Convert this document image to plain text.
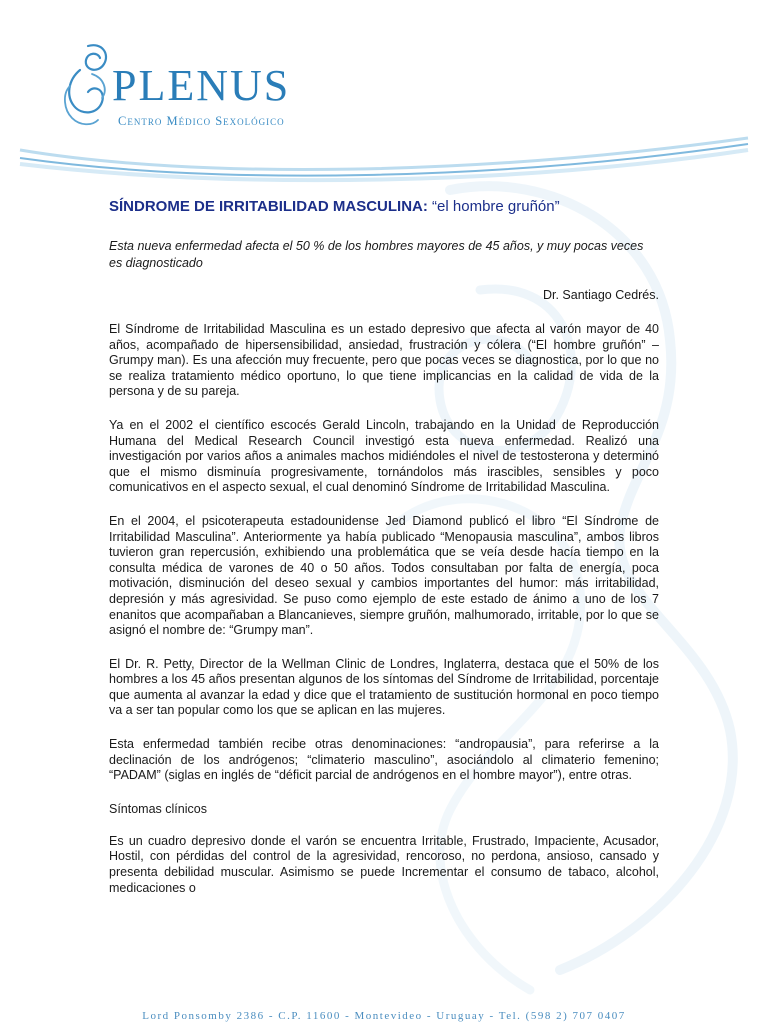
PLENUS
Centro Médico Sexológico
SÍNDROME DE IRRITABILIDAD MASCULINA: “el hombre gruñón”

Esta nueva enfermedad afecta el 50 % de los hombres mayores de 45 años, y muy pocas veces es diagnosticado

Dr. Santiago Cedrés.

El Síndrome de Irritabilidad Masculina es un estado depresivo que afecta al varón mayor de 40 años, acompañado de hipersensibilidad, ansiedad, frustración y cólera (“El hombre gruñón” –Grumpy man). Es una afección muy frecuente, pero que pocas veces se diagnostica, por lo que no se realiza tratamiento médico oportuno, lo que tiene implicancias en la calidad de vida de la persona y de su pareja.

Ya en el 2002 el científico escocés Gerald Lincoln, trabajando en la Unidad de Reproducción Humana del Medical Research Council investigó esta nueva enfermedad. Realizó una investigación por varios años a animales machos midiéndoles el nivel de testosterona y determinó que el mismo disminuía progresivamente, tornándolos más irascibles, sensibles y poco comunicativos en el aspecto sexual, el cual denominó Síndrome de Irritabilidad Masculina.

En el 2004, el psicoterapeuta estadounidense Jed Diamond publicó el libro “El Síndrome de Irritabilidad Masculina”. Anteriormente ya había publicado “Menopausia masculina”, ambos libros tuvieron gran repercusión, exhibiendo una problemática que se veía desde hacía tiempo en la consulta médica de varones de 40 o 50 años. Todos consultaban por falta de energía, poca motivación, disminución del deseo sexual y cambios importantes del humor: más irritabilidad, depresión y más agresividad. Se puso como ejemplo de este estado de ánimo a uno de los 7 enanitos que acompañaban a Blancanieves, siempre gruñón, malhumorado, irritable, por lo que se asignó el nombre de: “Grumpy man”.

El Dr. R. Petty, Director de la Wellman Clinic de Londres, Inglaterra, destaca que el 50% de los hombres a los 45 años presentan algunos de los síntomas del Síndrome de Irritabilidad, porcentaje que aumenta al avanzar la edad y dice que el tratamiento de sustitución hormonal en poco tiempo va a ser tan popular como los que se aplican en las mujeres.

Esta enfermedad también recibe otras denominaciones: “andropausia”, para referirse a la declinación de los andrógenos; “climaterio masculino”, asociándolo al climaterio femenino; “PADAM” (siglas en inglés de “déficit parcial de andrógenos en el hombre mayor”), entre otras.

Síntomas clínicos

Es un cuadro depresivo donde el varón se encuentra Irritable, Frustrado, Impaciente, Acusador, Hostil, con pérdidas del control de la agresividad, rencoroso, no perdona, ansioso, cansado y presenta debilidad muscular. Asimismo se puede Incrementar el consumo de tabaco, alcohol, medicaciones o

Lord Ponsomby 2386 - C.P. 11600 - Montevideo - Uruguay - Tel. (598 2) 707 0407
